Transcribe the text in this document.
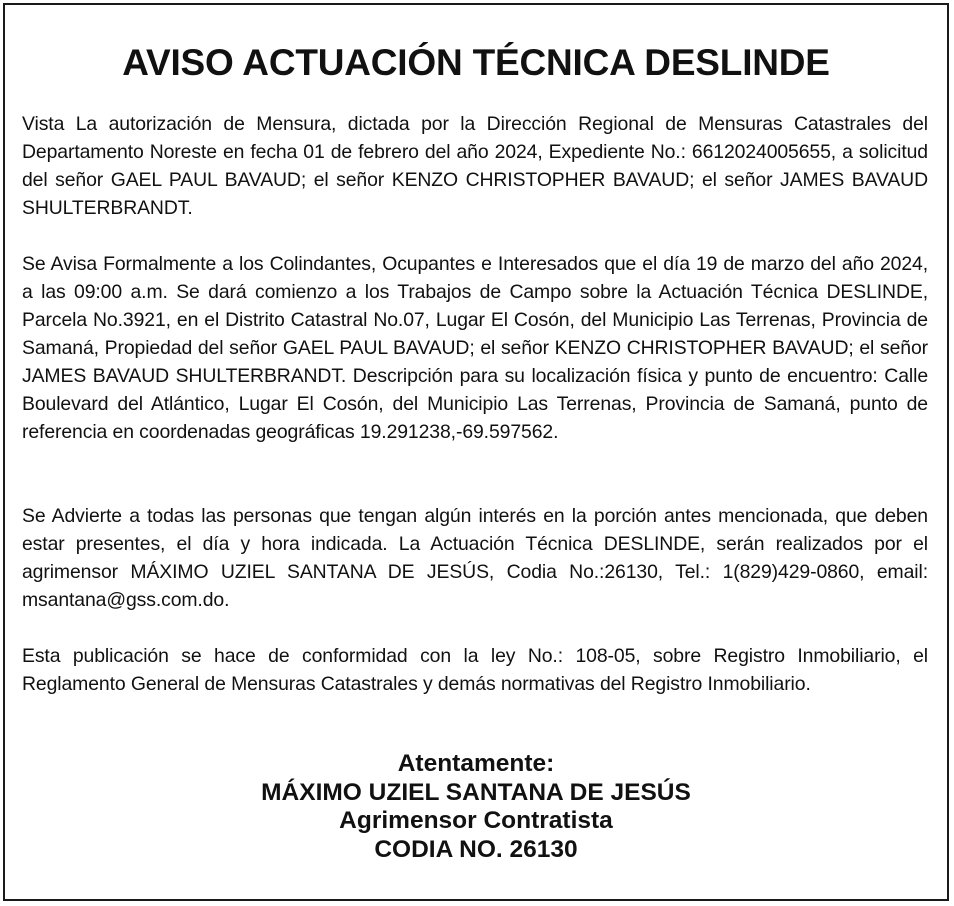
AVISO ACTUACIÓN TÉCNICA DESLINDE

Vista La autorización de Mensura, dictada por la Dirección Regional de Mensuras Catastrales del Departamento Noreste en fecha 01 de febrero del año 2024, Expediente No.: 6612024005655, a solicitud del señor GAEL PAUL BAVAUD; el señor KENZO CHRISTOPHER BAVAUD; el señor JAMES BAVAUD SHULTERBRANDT.

Se Avisa Formalmente a los Colindantes, Ocupantes e Interesados que el día 19 de marzo del año 2024, a las 09:00 a.m. Se dará comienzo a los Trabajos de Campo sobre la Actuación Técnica DESLINDE, Parcela No.3921, en el Distrito Catastral No.07, Lugar El Cosón, del Municipio Las Terrenas, Provincia de Samaná, Propiedad del señor GAEL PAUL BAVAUD; el señor KENZO CHRISTOPHER BAVAUD; el señor JAMES BAVAUD SHULTERBRANDT. Descripción para su localización física y punto de encuentro: Calle Boulevard del Atlántico, Lugar El Cosón, del Municipio Las Terrenas, Provincia de Samaná, punto de referencia en coordenadas geográficas 19.291238,-69.597562.

Se Advierte a todas las personas que tengan algún interés en la porción antes mencionada, que deben estar presentes, el día y hora indicada. La Actuación Técnica DESLINDE, serán realizados por el agrimensor MÁXIMO UZIEL SANTANA DE JESÚS, Codia No.:26130, Tel.: 1(829)429-0860, email: msantana@gss.com.do.

Esta publicación se hace de conformidad con la ley No.: 108-05, sobre Registro Inmobiliario, el Reglamento General de Mensuras Catastrales y demás normativas del Registro Inmobiliario.

Atentamente:
MÁXIMO UZIEL SANTANA DE JESÚS
Agrimensor Contratista
CODIA NO. 26130
